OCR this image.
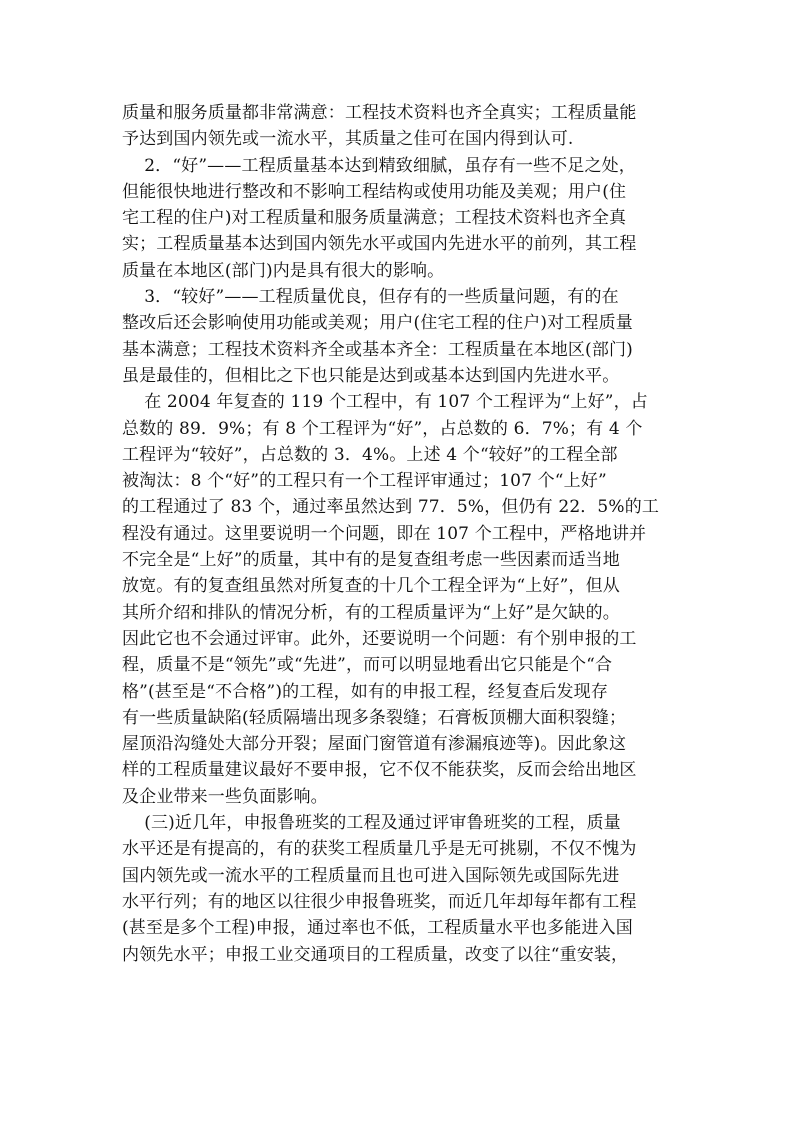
质量和服务质量都非常满意：工程技术资料也齐全真实；工程质量能
予达到国内领先或一流水平，其质量之佳可在国内得到认可.
2．“好”——工程质量基本达到精致细腻，虽存有一些不足之处，
但能很快地进行整改和不影响工程结构或使用功能及美观；用户(住
宅工程的住户)对工程质量和服务质量满意；工程技术资料也齐全真
实；工程质量基本达到国内领先水平或国内先进水平的前列，其工程
质量在本地区(部门)内是具有很大的影响。
3．“较好”——工程质量优良，但存有的一些质量问题，有的在
整改后还会影响使用功能或美观；用户(住宅工程的住户)对工程质量
基本满意；工程技术资料齐全或基本齐全：工程质量在本地区(部门)
虽是最佳的，但相比之下也只能是达到或基本达到国内先进水平。
在 2004 年复查的 119 个工程中，有 107 个工程评为“上好”，占
总数的 89．9%；有 8 个工程评为“好”，占总数的 6．7%；有 4 个
工程评为“较好”，占总数的 3．4%。上述 4 个“较好”的工程全部
被淘汰：8 个“好”的工程只有一个工程评审通过；107 个“上好”
的工程通过了 83 个，通过率虽然达到 77．5%，但仍有 22．5%的工
程没有通过。这里要说明一个问题，即在 107 个工程中，严格地讲并
不完全是“上好”的质量，其中有的是复查组考虑一些因素而适当地
放宽。有的复查组虽然对所复查的十几个工程全评为“上好”，但从
其所介绍和排队的情况分析，有的工程质量评为“上好”是欠缺的。
因此它也不会通过评审。此外，还要说明一个问题：有个别申报的工
程，质量不是“领先”或“先进”，而可以明显地看出它只能是个“合
格”(甚至是“不合格”)的工程，如有的申报工程，经复查后发现存
有一些质量缺陷(轻质隔墙出现多条裂缝；石膏板顶棚大面积裂缝；
屋顶沿沟缝处大部分开裂；屋面门窗管道有渗漏痕迹等)。因此象这
样的工程质量建议最好不要申报，它不仅不能获奖，反而会给出地区
及企业带来一些负面影响。
(三)近几年，申报鲁班奖的工程及通过评审鲁班奖的工程，质量
水平还是有提高的，有的获奖工程质量几乎是无可挑剔，不仅不愧为
国内领先或一流水平的工程质量而且也可进入国际领先或国际先进
水平行列；有的地区以往很少申报鲁班奖，而近几年却每年都有工程
(甚至是多个工程)申报，通过率也不低，工程质量水平也多能进入国
内领先水平；申报工业交通项目的工程质量，改变了以往“重安装，
